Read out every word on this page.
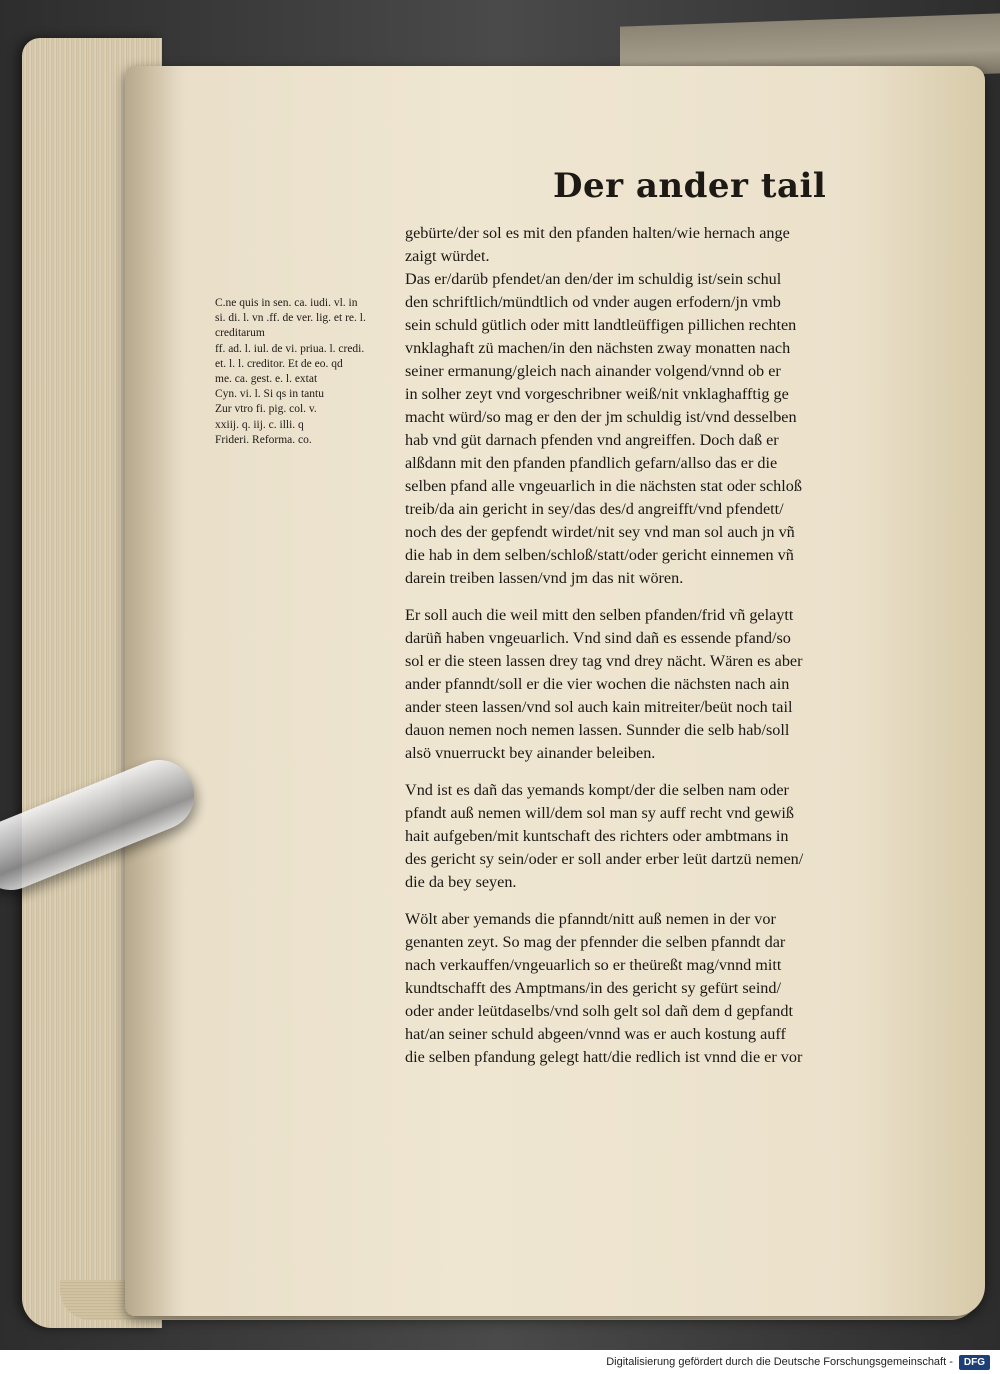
Der ander tail
C.ne quis in sen. ca. iudi. vl. in
si. di. l. vn .ff. de ver. lig. et re. l.
creditarum
ff. ad. l. iul. de vi. priua. l. credi.
et. l. l. creditor. Et de eo. qd
me. ca. gest. e. l. extat
Cyn. vi. l. Si qs in tantu
Zur vtro fi. pig. col. v.
xxiij. q. iij. c. illi. q
Frideri. Reforma. co.
gebürte/der sol es mit den pfanden halten/wie hernach ange
zaigt würdet.
Das er/darüb pfendet/an den/der im schuldig ist/sein schul
den schriftlich/mündtlich od vnder augen erfodern/jn vmb
sein schuld gütlich oder mitt landtleüffigen pillichen rechten
vnklaghaft zü machen/in den nächsten zway monatten nach
seiner ermanung/gleich nach ainander volgend/vnnd ob er
in solher zeyt vnd vorgeschribner weiß/nit vnklaghafftig ge
macht würd/so mag er den der jm schuldig ist/vnd desselben
hab vnd güt darnach pfenden vnd angreiffen. Doch daß er
alßdann mit den pfanden pfandlich gefarn/allso das er die
selben pfand alle vngeuarlich in die nächsten stat oder schloß
treib/da ain gericht in sey/das des/d angreifft/vnd pfendett/
noch des der gepfendt wirdet/nit sey vnd man sol auch jn vñ
die hab in dem selben/schloß/statt/oder gericht einnemen vñ
darein treiben lassen/vnd jm das nit wören.
Er soll auch die weil mitt den selben pfanden/frid vñ gelaytt
darüñ haben vngeuarlich. Vnd sind dañ es essende pfand/so
sol er die steen lassen drey tag vnd drey nächt. Wären es aber
ander pfanndt/soll er die vier wochen die nächsten nach ain
ander steen lassen/vnd sol auch kain mitreiter/beüt noch tail
dauon nemen noch nemen lassen. Sunnder die selb hab/soll
alsö vnuerruckt bey ainander beleiben.
Vnd ist es dañ das yemands kompt/der die selben nam oder
pfandt auß nemen will/dem sol man sy auff recht vnd gewiß
hait aufgeben/mit kuntschaft des richters oder ambtmans in
des gericht sy sein/oder er soll ander erber leüt dartzü nemen/
die da bey seyen.
Wölt aber yemands die pfanndt/nitt auß nemen in der vor
genanten zeyt. So mag der pfennder die selben pfanndt dar
nach verkauffen/vngeuarlich so er theüreßt mag/vnnd mitt
kundtschafft des Amptmans/in des gericht sy gefürt seind/
oder ander leütdaselbs/vnd solh gelt sol dañ dem d gepfandt
hat/an seiner schuld abgeen/vnnd was er auch kostung auff
die selben pfandung gelegt hatt/die redlich ist vnnd die er vor
Digitalisierung gefördert durch die Deutsche Forschungsgemeinschaft -	DFG
